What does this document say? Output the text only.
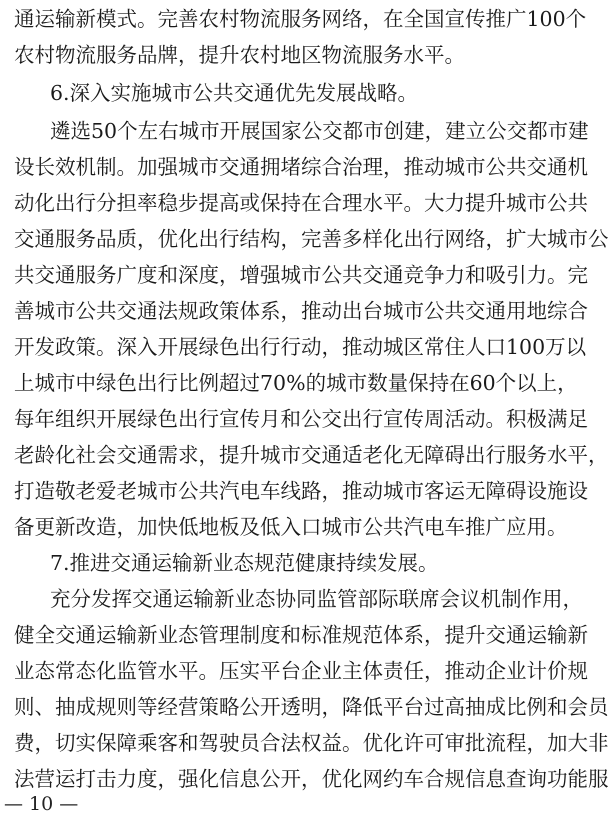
通运输新模式。完善农村物流服务网络，在全国宣传推广100个
农村物流服务品牌，提升农村地区物流服务水平。
6.深入实施城市公共交通优先发展战略。
遴选50个左右城市开展国家公交都市创建，建立公交都市建
设长效机制。加强城市交通拥堵综合治理，推动城市公共交通机
动化出行分担率稳步提高或保持在合理水平。大力提升城市公共
交通服务品质，优化出行结构，完善多样化出行网络，扩大城市公
共交通服务广度和深度，增强城市公共交通竞争力和吸引力。完
善城市公共交通法规政策体系，推动出台城市公共交通用地综合
开发政策。深入开展绿色出行行动，推动城区常住人口100万以
上城市中绿色出行比例超过70%的城市数量保持在60个以上，
每年组织开展绿色出行宣传月和公交出行宣传周活动。积极满足
老龄化社会交通需求，提升城市交通适老化无障碍出行服务水平，
打造敬老爱老城市公共汽电车线路，推动城市客运无障碍设施设
备更新改造，加快低地板及低入口城市公共汽电车推广应用。
7.推进交通运输新业态规范健康持续发展。
充分发挥交通运输新业态协同监管部际联席会议机制作用，
健全交通运输新业态管理制度和标准规范体系，提升交通运输新
业态常态化监管水平。压实平台企业主体责任，推动企业计价规
则、抽成规则等经营策略公开透明，降低平台过高抽成比例和会员
费，切实保障乘客和驾驶员合法权益。优化许可审批流程，加大非
法营运打击力度，强化信息公开，优化网约车合规信息查询功能服
— 10 —
